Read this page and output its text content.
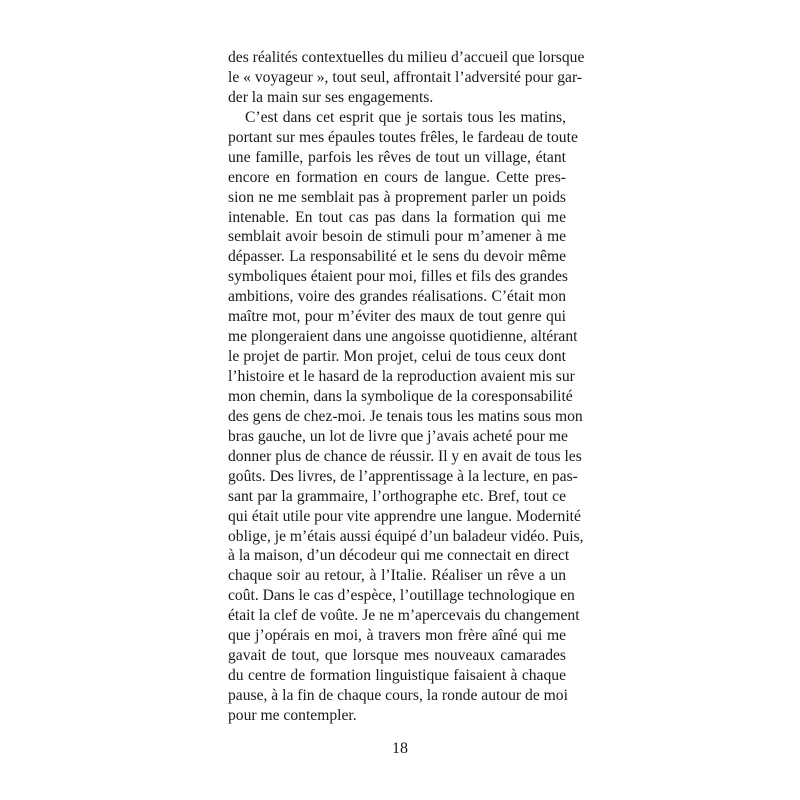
des réalités contextuelles du milieu d’accueil que lorsque
le « voyageur », tout seul, affrontait l’adversité pour gar-
der la main sur ses engagements.
C’est dans cet esprit que je sortais tous les matins,
portant sur mes épaules toutes frêles, le fardeau de toute
une famille, parfois les rêves de tout un village, étant
encore en formation en cours de langue. Cette pres-
sion ne me semblait pas à proprement parler un poids
intenable. En tout cas pas dans la formation qui me
semblait avoir besoin de stimuli pour m’amener à me
dépasser. La responsabilité et le sens du devoir même
symboliques étaient pour moi, filles et fils des grandes
ambitions, voire des grandes réalisations. C’était mon
maître mot, pour m’éviter des maux de tout genre qui
me plongeraient dans une angoisse quotidienne, altérant
le projet de partir. Mon projet, celui de tous ceux dont
l’histoire et le hasard de la reproduction avaient mis sur
mon chemin, dans la symbolique de la coresponsabilité
des gens de chez-moi. Je tenais tous les matins sous mon
bras gauche, un lot de livre que j’avais acheté pour me
donner plus de chance de réussir. Il y en avait de tous les
goûts. Des livres, de l’apprentissage à la lecture, en pas-
sant par la grammaire, l’orthographe etc. Bref, tout ce
qui était utile pour vite apprendre une langue. Modernité
oblige, je m’étais aussi équipé d’un baladeur vidéo. Puis,
à la maison, d’un décodeur qui me connectait en direct
chaque soir au retour, à l’Italie. Réaliser un rêve a un
coût. Dans le cas d’espèce, l’outillage technologique en
était la clef de voûte. Je ne m’apercevais du changement
que j’opérais en moi, à travers mon frère aîné qui me
gavait de tout, que lorsque mes nouveaux camarades
du centre de formation linguistique faisaient à chaque
pause, à la fin de chaque cours, la ronde autour de moi
pour me contempler.
18
